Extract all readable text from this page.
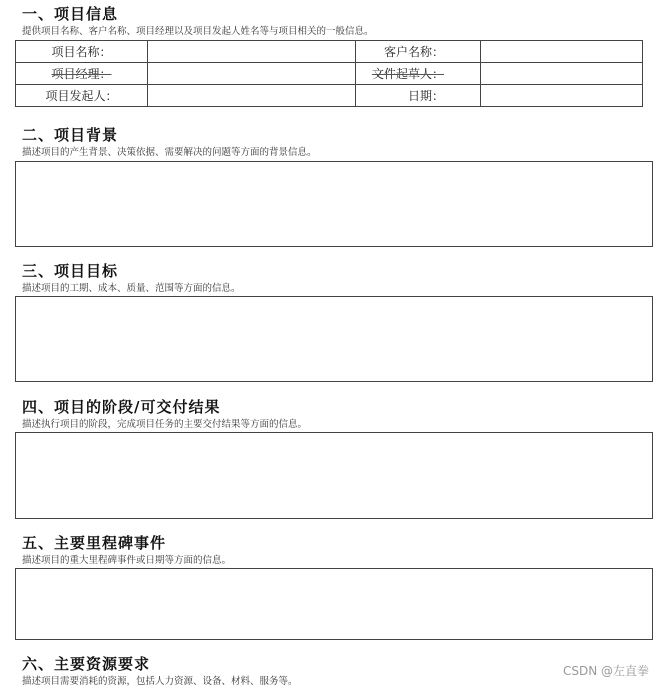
一、项目信息
提供项目名称、客户名称、项目经理以及项目发起人姓名等与项目相关的一般信息。
项目名称：		客户名称：	
项目经理：		文件起草人：	
项目发起人：		日期：	
二、项目背景
描述项目的产生背景、决策依据、需要解决的问题等方面的背景信息。
三、项目目标
描述项目的工期、成本、质量、范围等方面的信息。
四、项目的阶段/可交付结果
描述执行项目的阶段，完成项目任务的主要交付结果等方面的信息。
五、主要里程碑事件
描述项目的重大里程碑事件或日期等方面的信息。
六、主要资源要求
描述项目需要消耗的资源，包括人力资源、设备、材料、服务等。
CSDN @左直拳
